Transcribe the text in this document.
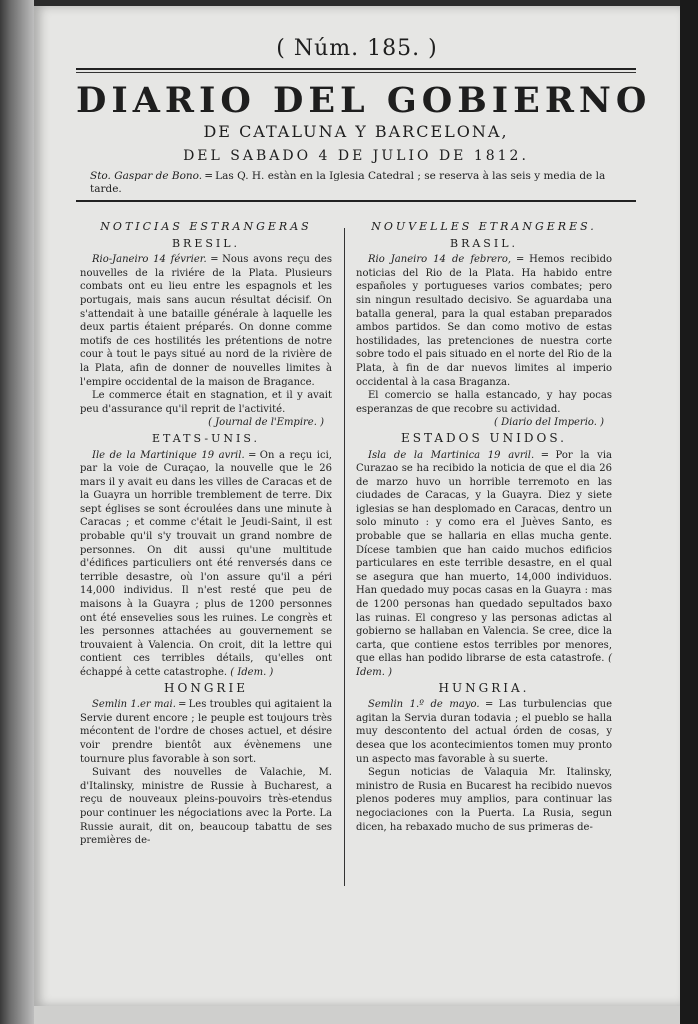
( Núm. 185. )
DIARIO DEL GOBIERNO
DE CATALUNA Y BARCELONA,
DEL SABADO 4 DE JULIO DE 1812.
Sto. Gaspar de Bono. ═ Las Q. H. estàn en la Iglesia Catedral ; se reserva à las seis y media de la tarde.
NOTICIAS ESTRANGERAS
BRESIL.

Rio-Janeiro 14 février. ═ Nous avons reçu des nouvelles de la riviére de la Plata. Plusieurs combats ont eu lieu entre les espagnols et les portugais, mais sans aucun résultat décisif. On s'attendait à une bataille générale à laquelle les deux partis étaient préparés. On donne comme motifs de ces hostilités les prétentions de notre cour à tout le pays situé au nord de la rivière de la Plata, afin de donner de nouvelles limites à l'empire occidental de la maison de Bragance.

Le commerce était en stagnation, et il y avait peu d'assurance qu'il reprit de l'activité.

( Journal de l'Empire. )
ETATS-UNIS.

Ile de la Martinique 19 avril. ═ On a reçu ici, par la voie de Curaçao, la nouvelle que le 26 mars il y avait eu dans les villes de Caracas et de la Guayra un horrible tremblement de terre. Dix sept églises se sont écroulées dans une minute à Caracas ; et comme c'était le Jeudi-Saint, il est probable qu'il s'y trouvait un grand nombre de personnes. On dit aussi qu'une multitude d'édifices particuliers ont été renversés dans ce terrible desastre, où l'on assure qu'il a péri 14,000 individus. Il n'est resté que peu de maisons à la Guayra ; plus de 1200 personnes ont été ensevelies sous les ruines. Le congrès et les personnes attachées au gouvernement se trouvaient à Valencia. On croit, dit la lettre qui contient ces terribles détails, qu'elles ont échappé à cette catastrophe. ( Idem. )

HONGRIE

Semlin 1.er mai. ═ Les troubles qui agitaient la Servie durent encore ; le peuple est toujours très mécontent de l'ordre de choses actuel, et désire voir prendre bientôt aux évènemens une tournure plus favorable à son sort.

Suivant des nouvelles de Valachie, M. d'Italinsky, ministre de Russie à Bucharest, a reçu de nouveaux pleins-pouvoirs très-etendus pour continuer les négociations avec la Porte. La Russie aurait, dit on, beaucoup tabattu de ses premières de-

NOUVELLES ETRANGERES.
BRASIL.

Rio Janeiro 14 de febrero, ═ Hemos recibido noticias del Rio de la Plata. Ha habido entre españoles y portugueses varios combates; pero sin ningun resultado decisivo. Se aguardaba una batalla general, para la qual estaban preparados ambos partidos. Se dan como motivo de estas hostilidades, las pretenciones de nuestra corte sobre todo el pais situado en el norte del Rio de la Plata, à fin de dar nuevos limites al imperio occidental à la casa Braganza.

El comercio se halla estancado, y hay pocas esperanzas de que recobre su actividad.

( Diario del Imperio. )
ESTADOS UNIDOS.

Isla de la Martinica 19 avril. ═ Por la via Curazao se ha recibido la noticia de que el dia 26 de marzo huvo un horrible terremoto en las ciudades de Caracas, y la Guayra. Diez y siete iglesias se han desplomado en Caracas, dentro un solo minuto : y como era el Juèves Santo, es probable que se hallaria en ellas mucha gente. Dícese tambien que han caido muchos edificios particulares en este terrible desastre, en el qual se asegura que han muerto, 14,000 individuos. Han quedado muy pocas casas en la Guayra : mas de 1200 personas han quedado sepultados baxo las ruinas. El congreso y las personas adictas al gobierno se hallaban en Valencia. Se cree, dice la carta, que contiene estos terribles por menores, que ellas han podido librarse de esta catastrofe. ( Idem. )

HUNGRIA.

Semlin 1.º de mayo. ═ Las turbulencias que agitan la Servia duran todavia ; el pueblo se halla muy descontento del actual órden de cosas, y desea que los acontecimientos tomen muy pronto un aspecto mas favorable à su suerte.

Segun noticias de Valaquia Mr. Italinsky, ministro de Rusia en Bucarest ha recibido nuevos plenos poderes muy amplios, para continuar las negociaciones con la Puerta. La Rusia, segun dicen, ha rebaxado mucho de sus primeras de-
